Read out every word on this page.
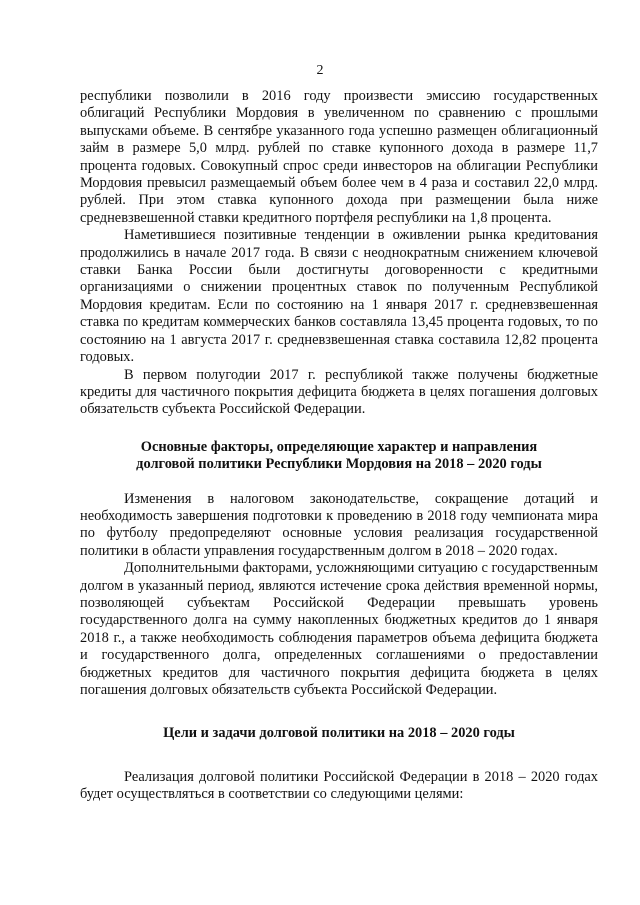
2

республики позволили в 2016 году произвести эмиссию государственных облигаций Республики Мордовия в увеличенном по сравнению с прошлыми выпусками объеме. В сентябре указанного года успешно размещен облигационный займ в размере 5,0 млрд. рублей по ставке купонного дохода в размере 11,7 процента годовых. Совокупный спрос среди инвесторов на облигации Республики Мордовия превысил размещаемый объем более чем в 4 раза и составил 22,0 млрд. рублей. При этом ставка купонного дохода при размещении была ниже средневзвешенной ставки кредитного портфеля республики на 1,8 процента.

Наметившиеся позитивные тенденции в оживлении рынка кредитования продолжились в начале 2017 года. В связи с неоднократным снижением ключевой ставки Банка России были достигнуты договоренности с кредитными организациями о снижении процентных ставок по полученным Республикой Мордовия кредитам. Если по состоянию на 1 января 2017 г. средневзвешенная ставка по кредитам коммерческих банков составляла 13,45 процента годовых, то по состоянию на 1 августа 2017 г. средневзвешенная ставка составила 12,82 процента годовых.

В первом полугодии 2017 г. республикой также получены бюджетные кредиты для частичного покрытия дефицита бюджета в целях погашения долговых обязательств субъекта Российской Федерации.

Основные факторы, определяющие характер и направления

долговой политики Республики Мордовия на 2018 – 2020 годы

Изменения в налоговом законодательстве, сокращение дотаций и необходимость завершения подготовки к проведению в 2018 году чемпионата мира по футболу предопределяют основные условия реализация государственной политики в области управления государственным долгом в 2018 – 2020 годах.

Дополнительными факторами, усложняющими ситуацию с государственным долгом в указанный период, являются истечение срока действия временной нормы, позволяющей субъектам Российской Федерации превышать уровень государственного долга на сумму накопленных бюджетных кредитов до 1 января 2018 г., а также необходимость соблюдения параметров объема дефицита бюджета и государственного долга, определенных соглашениями о предоставлении бюджетных кредитов для частичного покрытия дефицита бюджета в целях погашения долговых обязательств субъекта Российской Федерации.

Цели и задачи долговой политики на 2018 – 2020 годы

Реализация долговой политики Российской Федерации в 2018 – 2020 годах будет осуществляться в соответствии со следующими целями:
